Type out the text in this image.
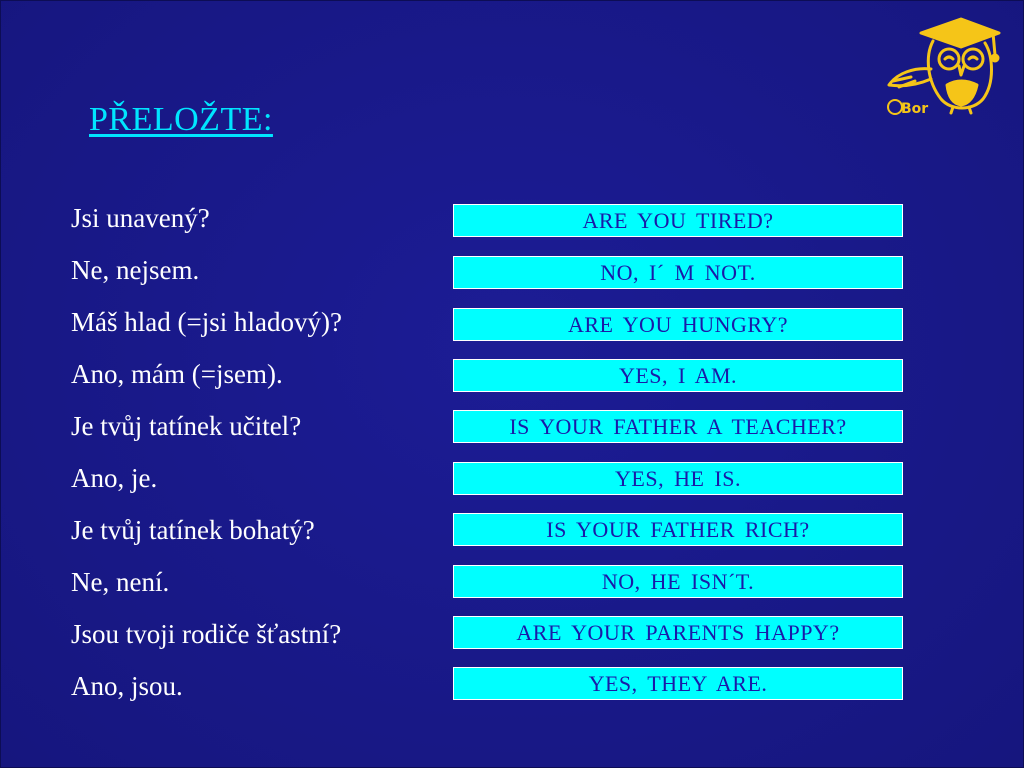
PŘELOŽTE:	Bor
Jsi unavený?
Ne, nejsem.
Máš hlad (=jsi hladový)?
Ano, mám (=jsem).
Je tvůj tatínek učitel?
Ano, je.
Je tvůj tatínek bohatý?
Ne, není.
Jsou tvoji rodiče šťastní?
Ano, jsou.
ARE YOU TIRED?
NO, I´ M NOT.
ARE YOU HUNGRY?
YES, I AM.
IS YOUR FATHER A TEACHER?
YES, HE IS.
IS YOUR FATHER RICH?
NO, HE ISN´T.
ARE YOUR PARENTS HAPPY?
YES, THEY ARE.
